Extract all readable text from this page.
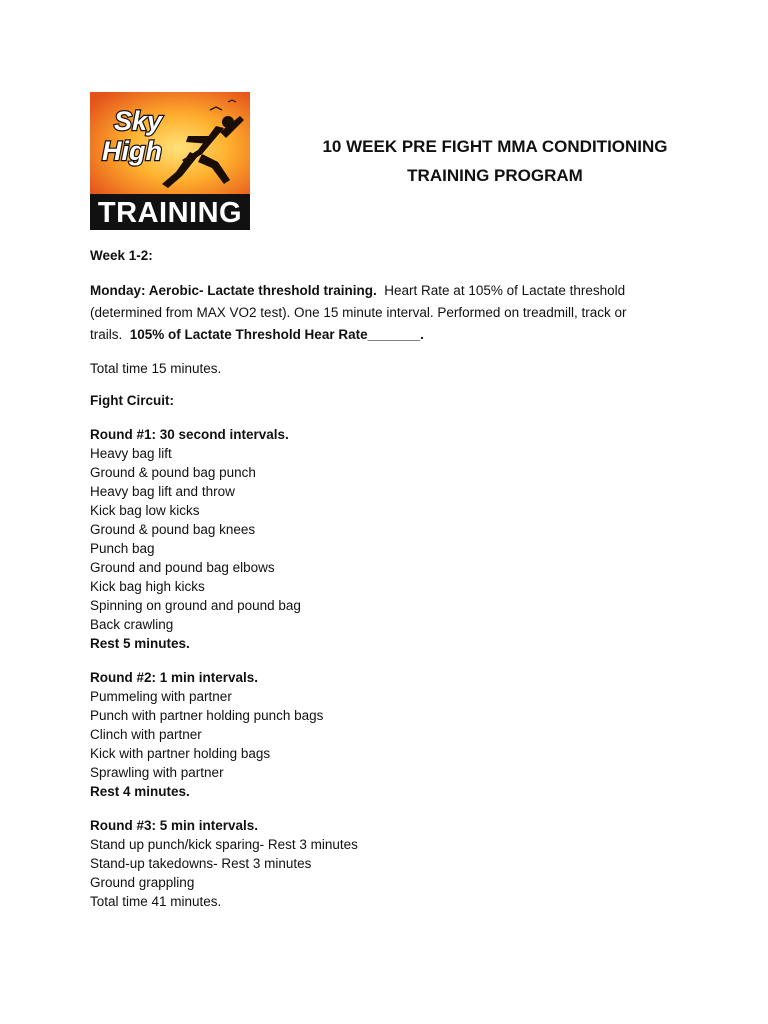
Sky
High
TRAINING
10 WEEK PRE FIGHT MMA CONDITIONING
TRAINING PROGRAM
Week 1-2:
Monday: Aerobic- Lactate threshold training.  Heart Rate at 105% of Lactate threshold
(determined from MAX VO2 test). One 15 minute interval. Performed on treadmill, track or
trails.  105% of Lactate Threshold Hear Rate_______.
Total time 15 minutes.
Fight Circuit:
Round #1: 30 second intervals.
Heavy bag lift
Ground & pound bag punch
Heavy bag lift and throw
Kick bag low kicks
Ground & pound bag knees
Punch bag
Ground and pound bag elbows
Kick bag high kicks
Spinning on ground and pound bag
Back crawling
Rest 5 minutes.
Round #2: 1 min intervals.
Pummeling with partner
Punch with partner holding punch bags
Clinch with partner
Kick with partner holding bags
Sprawling with partner
Rest 4 minutes.
Round #3: 5 min intervals.
Stand up punch/kick sparing- Rest 3 minutes
Stand-up takedowns- Rest 3 minutes
Ground grappling
Total time 41 minutes.
